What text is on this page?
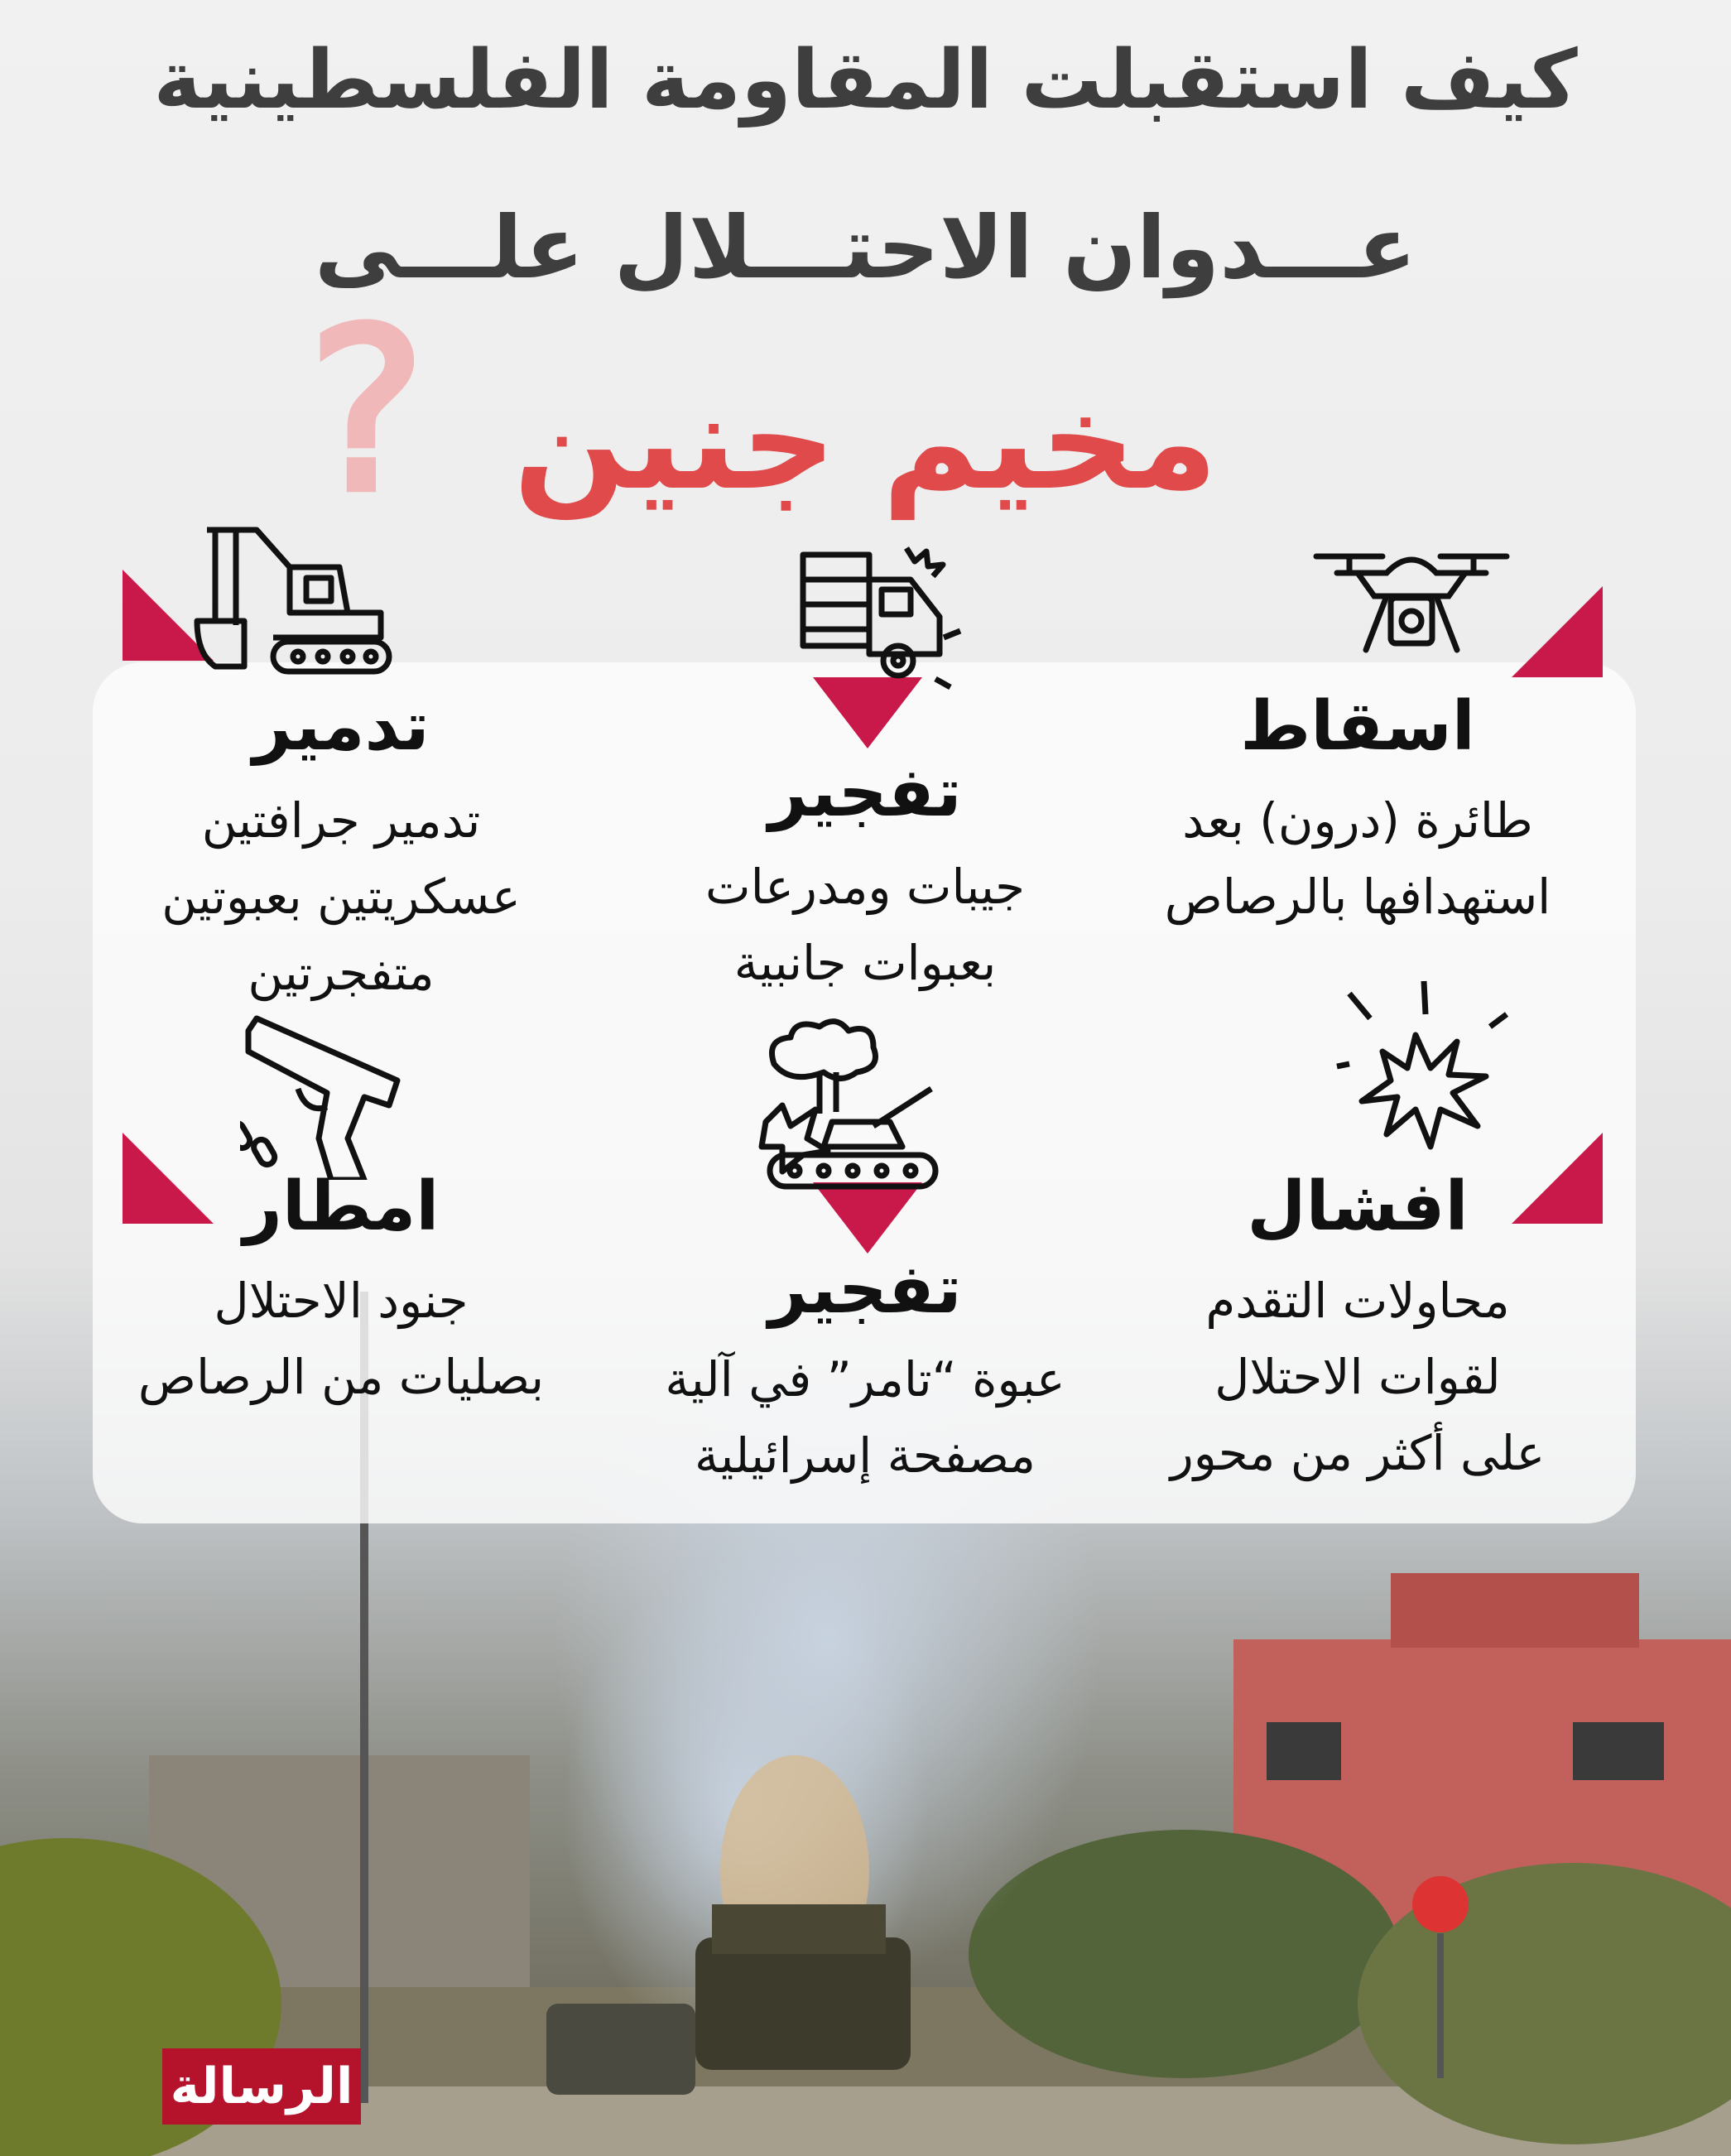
كيف استقبلت المقاومة الفلسطينية
عـــدوان الاحتـــلال علـــى
؟ مخيم جنين
اسقاط
طائرة (درون) بعد
استهدافها بالرصاص
تفجير
جيبات ومدرعات
بعبوات جانبية
تدمير
تدمير جرافتين
عسكريتين بعبوتين
متفجرتين
افشال
محاولات التقدم
لقوات الاحتلال
على أكثر من محور
تفجير
عبوة “تامر” في آلية
مصفحة إسرائيلية
امطار
جنود الاحتلال
بصليات من الرصاص
الرسالة
